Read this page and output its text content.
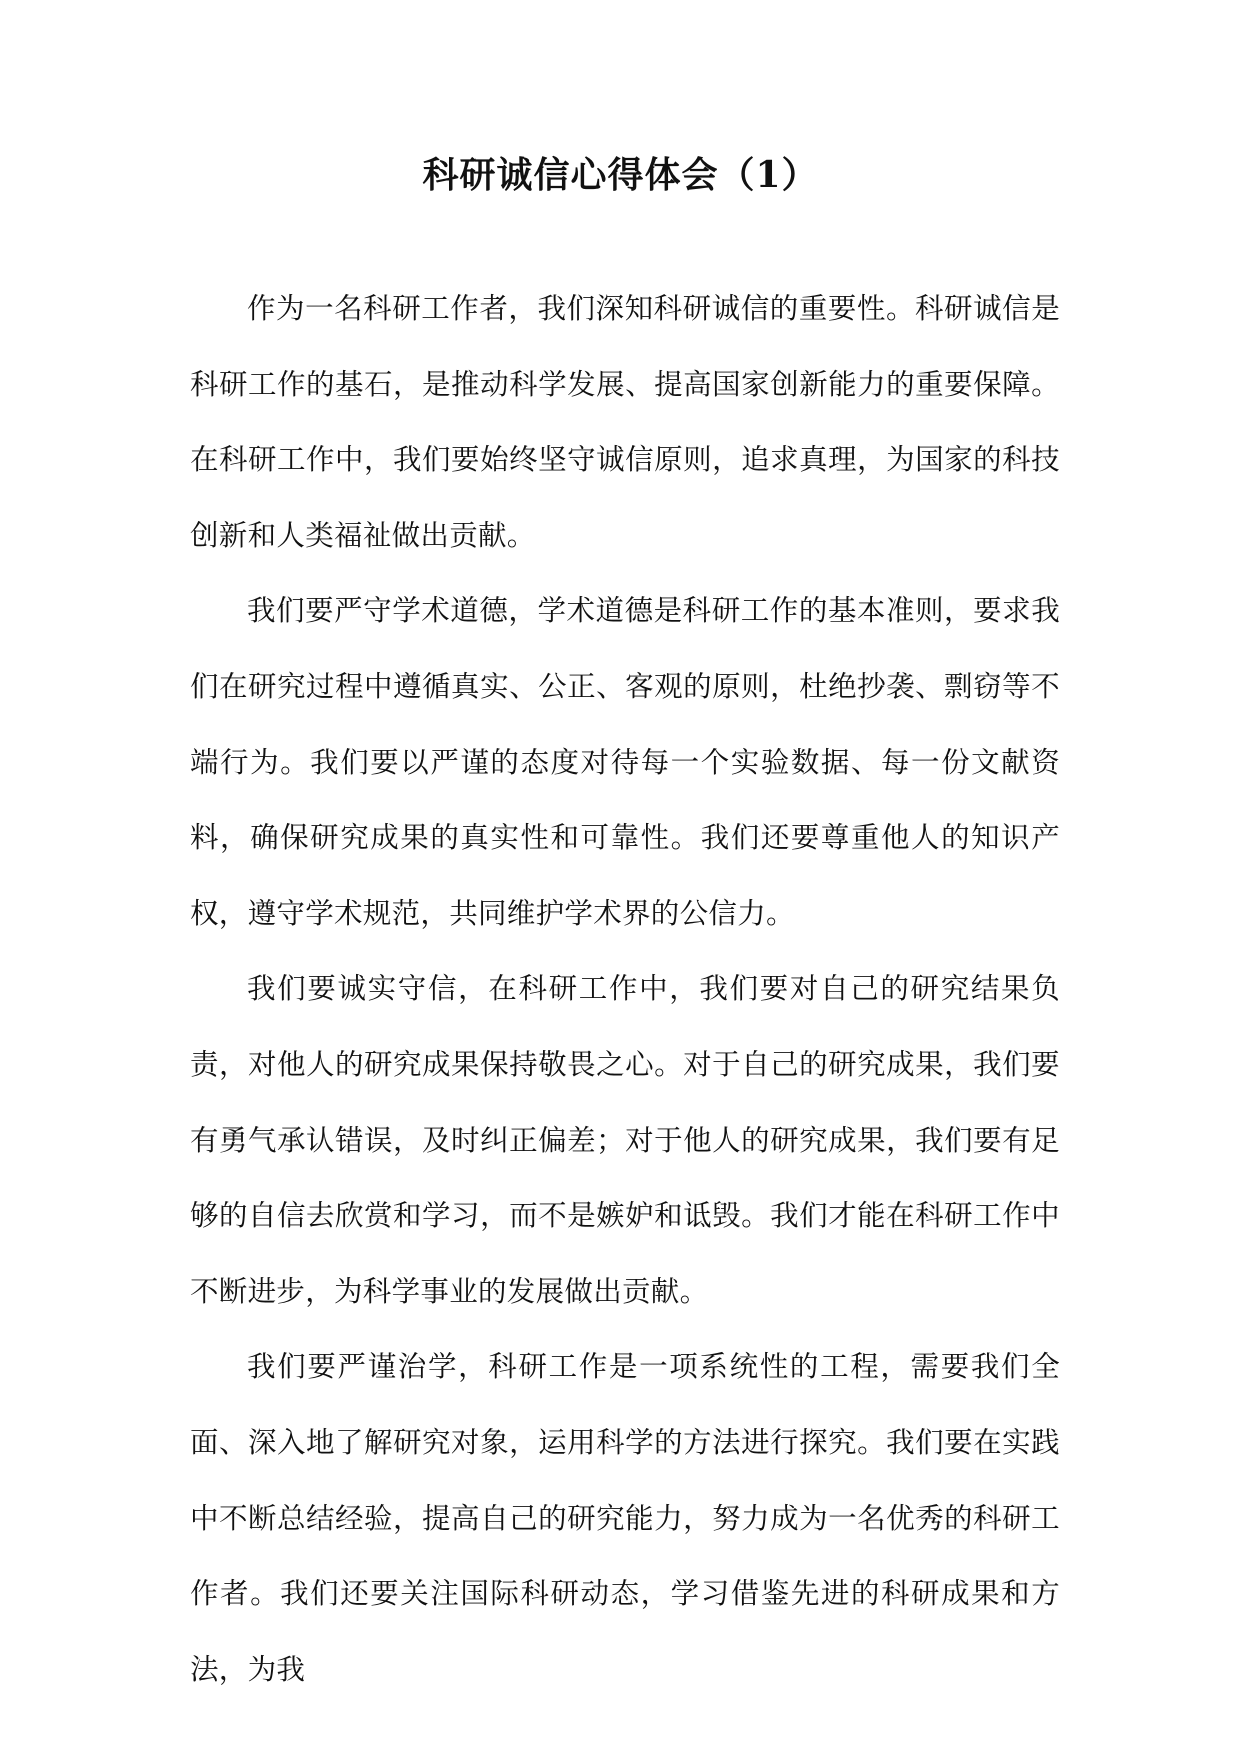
科研诚信心得体会（1）

作为一名科研工作者，我们深知科研诚信的重要性。科研诚信是科研工作的基石，是推动科学发展、提高国家创新能力的重要保障。在科研工作中，我们要始终坚守诚信原则，追求真理，为国家的科技创新和人类福祉做出贡献。

我们要严守学术道德，学术道德是科研工作的基本准则，要求我们在研究过程中遵循真实、公正、客观的原则，杜绝抄袭、剽窃等不端行为。我们要以严谨的态度对待每一个实验数据、每一份文献资料，确保研究成果的真实性和可靠性。我们还要尊重他人的知识产权，遵守学术规范，共同维护学术界的公信力。

我们要诚实守信，在科研工作中，我们要对自己的研究结果负责，对他人的研究成果保持敬畏之心。对于自己的研究成果，我们要有勇气承认错误，及时纠正偏差；对于他人的研究成果，我们要有足够的自信去欣赏和学习，而不是嫉妒和诋毁。我们才能在科研工作中不断进步，为科学事业的发展做出贡献。

我们要严谨治学，科研工作是一项系统性的工程，需要我们全面、深入地了解研究对象，运用科学的方法进行探究。我们要在实践中不断总结经验，提高自己的研究能力，努力成为一名优秀的科研工作者。我们还要关注国际科研动态，学习借鉴先进的科研成果和方法，为我
